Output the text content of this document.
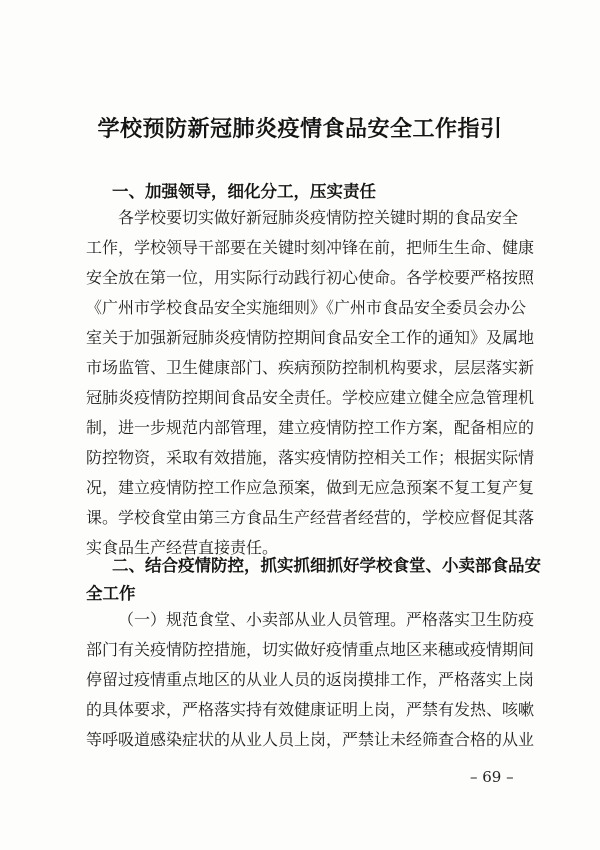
学校预防新冠肺炎疫情食品安全工作指引
一、加强领导，细化分工，压实责任
各学校要切实做好新冠肺炎疫情防控关键时期的食品安全
工作，学校领导干部要在关键时刻冲锋在前，把师生生命、健康
安全放在第一位，用实际行动践行初心使命。各学校要严格按照
《广州市学校食品安全实施细则》《广州市食品安全委员会办公
室关于加强新冠肺炎疫情防控期间食品安全工作的通知》及属地
市场监管、卫生健康部门、疾病预防控制机构要求，层层落实新
冠肺炎疫情防控期间食品安全责任。学校应建立健全应急管理机
制，进一步规范内部管理，建立疫情防控工作方案，配备相应的
防控物资，采取有效措施，落实疫情防控相关工作；根据实际情
况，建立疫情防控工作应急预案，做到无应急预案不复工复产复
课。学校食堂由第三方食品生产经营者经营的，学校应督促其落
实食品生产经营直接责任。
二、结合疫情防控，抓实抓细抓好学校食堂、小卖部食品安
全工作
（一）规范食堂、小卖部从业人员管理。严格落实卫生防疫
部门有关疫情防控措施，切实做好疫情重点地区来穗或疫情期间
停留过疫情重点地区的从业人员的返岗摸排工作，严格落实上岗
的具体要求，严格落实持有效健康证明上岗，严禁有发热、咳嗽
等呼吸道感染症状的从业人员上岗，严禁让未经筛查合格的从业
– 69 –
